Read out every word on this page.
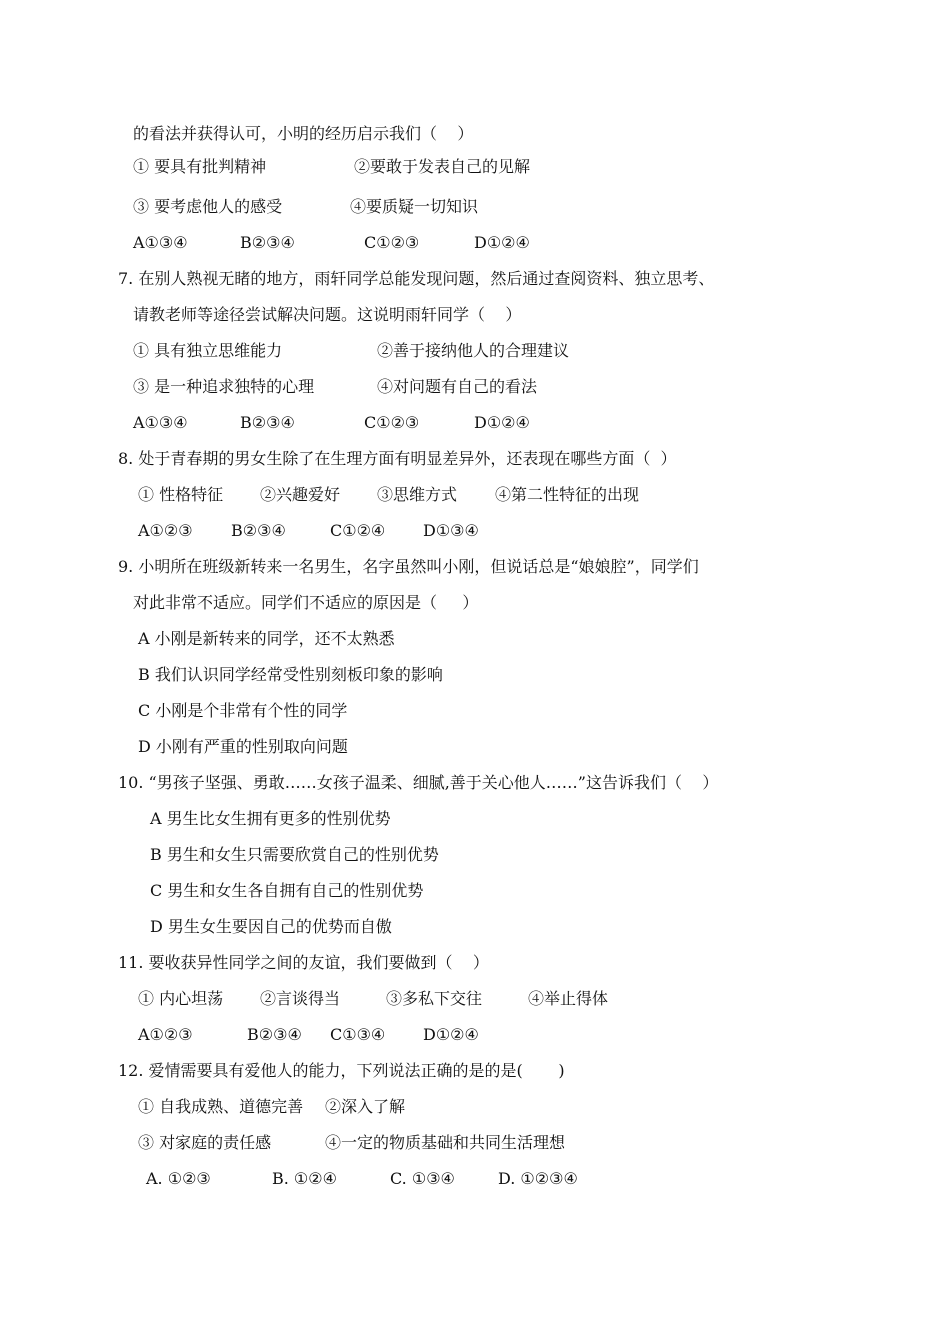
的看法并获得认可，小明的经历启示我们（    ）
① 要具有批判精神	②要敢于发表自己的见解
③ 要考虑他人的感受	④要质疑一切知识
A①③④	B②③④	C①②③	D①②④
7. 在别人熟视无睹的地方，雨轩同学总能发现问题，然后通过查阅资料、独立思考、
请教老师等途径尝试解决问题。这说明雨轩同学（    ）
① 具有独立思维能力	②善于接纳他人的合理建议
③ 是一种追求独特的心理	④对问题有自己的看法
A①③④	B②③④	C①②③	D①②④
8. 处于青春期的男女生除了在生理方面有明显差异外，还表现在哪些方面（  ）
① 性格特征 ②兴趣爱好 ③思维方式 ④第二性特征的出现
A①②③ B②③④	C①②④ D①③④
9. 小明所在班级新转来一名男生，名字虽然叫小刚，但说话总是“娘娘腔”，同学们
对此非常不适应。同学们不适应的原因是（     ）
A 小刚是新转来的同学，还不太熟悉
B 我们认识同学经常受性别刻板印象的影响
C 小刚是个非常有个性的同学
D 小刚有严重的性别取向问题
10. “男孩子坚强、勇敢……女孩子温柔、细腻,善于关心他人……”这告诉我们（    ）
A 男生比女生拥有更多的性别优势
B 男生和女生只需要欣赏自己的性别优势
C 男生和女生各自拥有自己的性别优势
D 男生女生要因自己的优势而自傲
11. 要收获异性同学之间的友谊，我们要做到（    ）
① 内心坦荡 ②言谈得当	③多私下交往	④举止得体
A①②③	B②③④ C①③④ D①②④
12. 爱情需要具有爱他人的能力，下列说法正确的是的是(       )
① 自我成熟、道德完善 ②深入了解
③ 对家庭的责任感	④一定的物质基础和共同生活理想
A. ①②③	B. ①②④	C. ①③④	D. ①②③④
